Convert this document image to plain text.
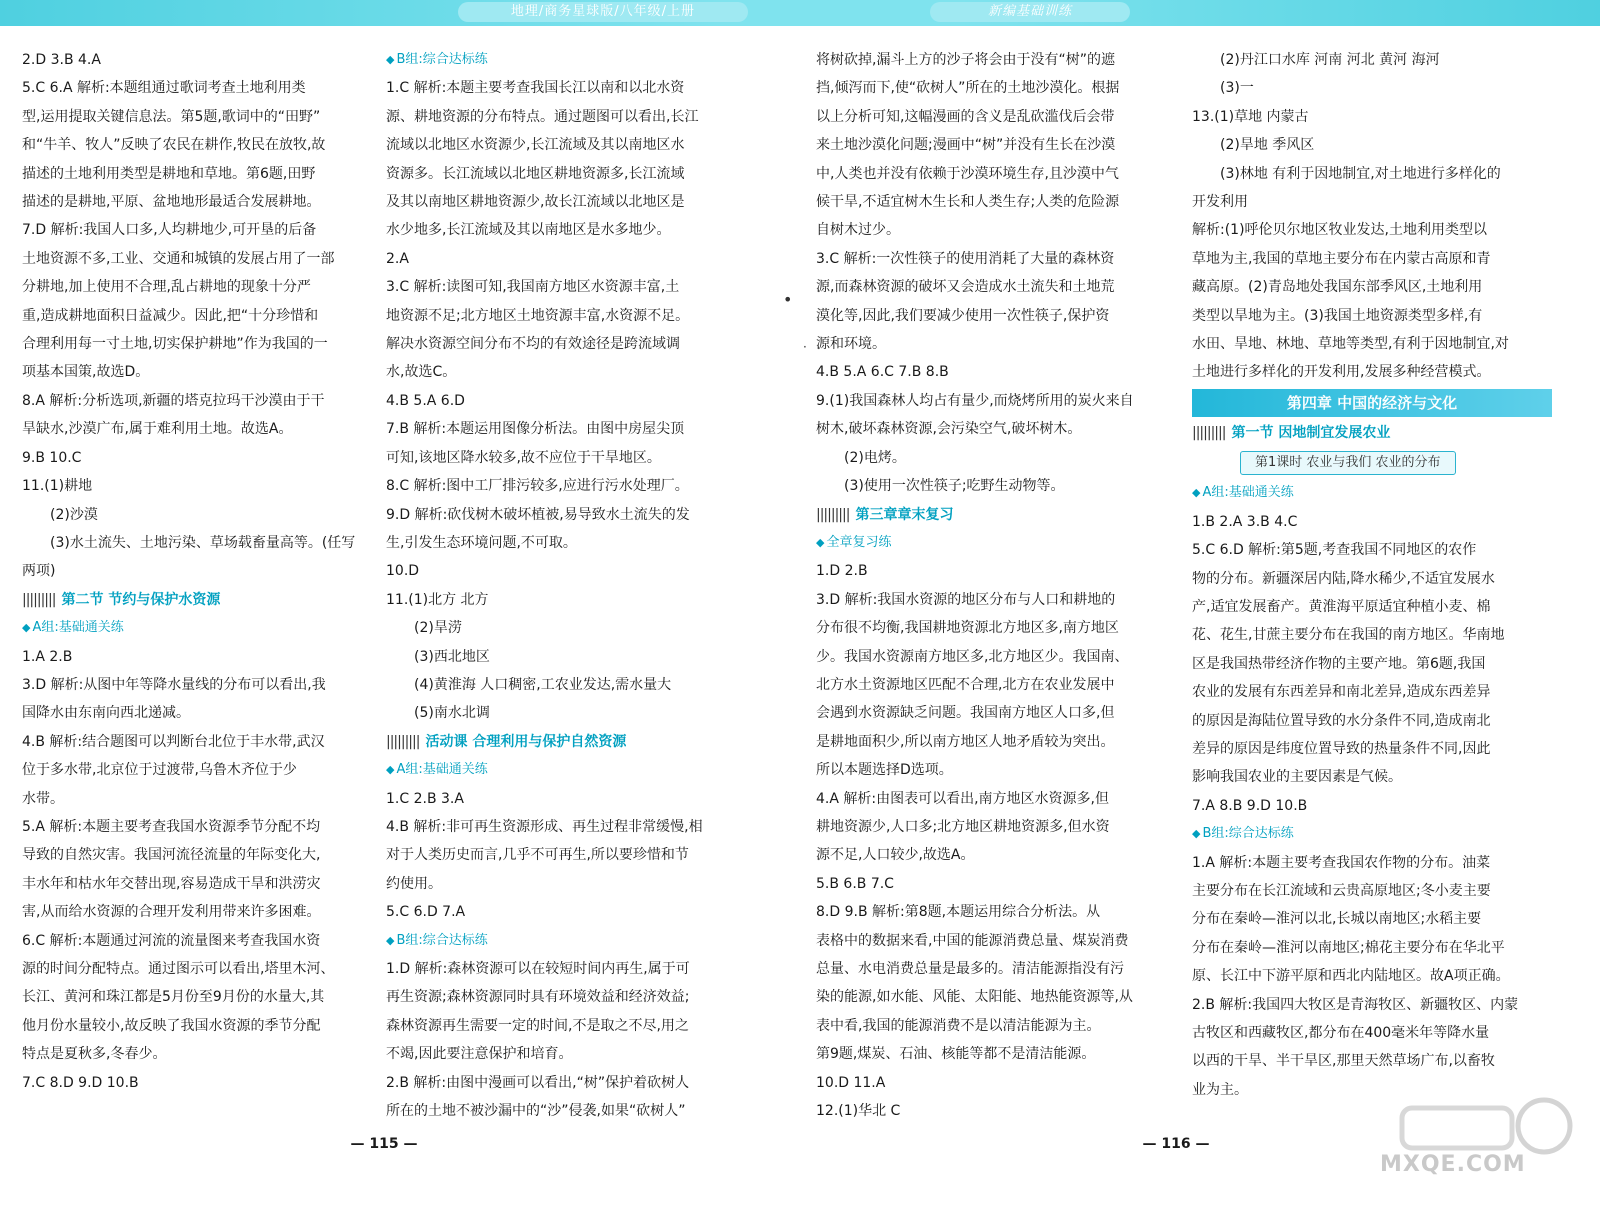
地理/商务星球版/八年级/上册	新编基础训练
2.D 3.B 4.A
5.C 6.A 解析:本题组通过歌词考查土地利用类
型,运用提取关键信息法。第5题,歌词中的“田野”
和“牛羊、牧人”反映了农民在耕作,牧民在放牧,故
描述的土地利用类型是耕地和草地。第6题,田野
描述的是耕地,平原、盆地地形最适合发展耕地。
7.D 解析:我国人口多,人均耕地少,可开垦的后备
土地资源不多,工业、交通和城镇的发展占用了一部
分耕地,加上使用不合理,乱占耕地的现象十分严
重,造成耕地面积日益减少。因此,把“十分珍惜和
合理利用每一寸土地,切实保护耕地”作为我国的一
项基本国策,故选D。
8.A 解析:分析选项,新疆的塔克拉玛干沙漠由于干
旱缺水,沙漠广布,属于难利用土地。故选A。
9.B 10.C
11.(1)耕地
(2)沙漠
(3)水土流失、土地污染、草场载畜量高等。(任写
两项)
||||||||| 第二节 节约与保护水资源
◆ A组:基础通关练
1.A 2.B
3.D 解析:从图中年等降水量线的分布可以看出,我
国降水由东南向西北递减。
4.B 解析:结合题图可以判断台北位于丰水带,武汉
位于多水带,北京位于过渡带,乌鲁木齐位于少
水带。
5.A 解析:本题主要考查我国水资源季节分配不均
导致的自然灾害。我国河流径流量的年际变化大,
丰水年和枯水年交替出现,容易造成干旱和洪涝灾
害,从而给水资源的合理开发利用带来许多困难。
6.C 解析:本题通过河流的流量图来考查我国水资
源的时间分配特点。通过图示可以看出,塔里木河、
长江、黄河和珠江都是5月份至9月份的水量大,其
他月份水量较小,故反映了我国水资源的季节分配
特点是夏秋多,冬春少。
7.C 8.D 9.D 10.B
◆ B组:综合达标练
1.C 解析:本题主要考查我国长江以南和以北水资
源、耕地资源的分布特点。通过题图可以看出,长江
流域以北地区水资源少,长江流域及其以南地区水
资源多。长江流域以北地区耕地资源多,长江流域
及其以南地区耕地资源少,故长江流域以北地区是
水少地多,长江流域及其以南地区是水多地少。
2.A
3.C 解析:读图可知,我国南方地区水资源丰富,土
地资源不足;北方地区土地资源丰富,水资源不足。
解决水资源空间分布不均的有效途径是跨流域调
水,故选C。
4.B 5.A 6.D
7.B 解析:本题运用图像分析法。由图中房屋尖顶
可知,该地区降水较多,故不应位于干旱地区。
8.C 解析:图中工厂排污较多,应进行污水处理厂。
9.D 解析:砍伐树木破坏植被,易导致水土流失的发
生,引发生态环境问题,不可取。
10.D
11.(1)北方 北方
(2)旱涝
(3)西北地区
(4)黄淮海 人口稠密,工农业发达,需水量大
(5)南水北调
||||||||| 活动课 合理利用与保护自然资源
◆ A组:基础通关练
1.C 2.B 3.A
4.B 解析:非可再生资源形成、再生过程非常缓慢,相
对于人类历史而言,几乎不可再生,所以要珍惜和节
约使用。
5.C 6.D 7.A
◆ B组:综合达标练
1.D 解析:森林资源可以在较短时间内再生,属于可
再生资源;森林资源同时具有环境效益和经济效益;
森林资源再生需要一定的时间,不是取之不尽,用之
不竭,因此要注意保护和培育。
2.B 解析:由图中漫画可以看出,“树”保护着砍树人
所在的土地不被沙漏中的“沙”侵袭,如果“砍树人”
将树砍掉,漏斗上方的沙子将会由于没有“树”的遮
挡,倾泻而下,使“砍树人”所在的土地沙漠化。根据
以上分析可知,这幅漫画的含义是乱砍滥伐后会带
来土地沙漠化问题;漫画中“树”并没有生长在沙漠
中,人类也并没有依赖于沙漠环境生存,且沙漠中气
候干旱,不适宜树木生长和人类生存;人类的危险源
自树木过少。
3.C 解析:一次性筷子的使用消耗了大量的森林资
源,而森林资源的破坏又会造成水土流失和土地荒
漠化等,因此,我们要减少使用一次性筷子,保护资
源和环境。
4.B 5.A 6.C 7.B 8.B
9.(1)我国森林人均占有量少,而烧烤所用的炭火来自
树木,破坏森林资源,会污染空气,破坏树木。
(2)电烤。
(3)使用一次性筷子;吃野生动物等。
||||||||| 第三章章末复习
◆ 全章复习练
1.D 2.B
3.D 解析:我国水资源的地区分布与人口和耕地的
分布很不均衡,我国耕地资源北方地区多,南方地区
少。我国水资源南方地区多,北方地区少。我国南、
北方水土资源地区匹配不合理,北方在农业发展中
会遇到水资源缺乏问题。我国南方地区人口多,但
是耕地面积少,所以南方地区人地矛盾较为突出。
所以本题选择D选项。
4.A 解析:由图表可以看出,南方地区水资源多,但
耕地资源少,人口多;北方地区耕地资源多,但水资
源不足,人口较少,故选A。
5.B 6.B 7.C
8.D 9.B 解析:第8题,本题运用综合分析法。从
表格中的数据来看,中国的能源消费总量、煤炭消费
总量、水电消费总量是最多的。清洁能源指没有污
染的能源,如水能、风能、太阳能、地热能资源等,从
表中看,我国的能源消费不是以清洁能源为主。
第9题,煤炭、石油、核能等都不是清洁能源。
10.D 11.A
12.(1)华北 C
(2)丹江口水库 河南 河北 黄河 海河
(3)一
13.(1)草地 内蒙古
(2)旱地 季风区
(3)林地 有利于因地制宜,对土地进行多样化的
开发利用
解析:(1)呼伦贝尔地区牧业发达,土地利用类型以
草地为主,我国的草地主要分布在内蒙古高原和青
藏高原。(2)青岛地处我国东部季风区,土地利用
类型以旱地为主。(3)我国土地资源类型多样,有
水田、旱地、林地、草地等类型,有利于因地制宜,对
土地进行多样化的开发利用,发展多种经营模式。
第四章 中国的经济与文化
||||||||| 第一节 因地制宜发展农业
第1课时 农业与我们 农业的分布
◆ A组:基础通关练
1.B 2.A 3.B 4.C
5.C 6.D 解析:第5题,考查我国不同地区的农作
物的分布。新疆深居内陆,降水稀少,不适宜发展水
产,适宜发展畜产。黄淮海平原适宜种植小麦、棉
花、花生,甘蔗主要分布在我国的南方地区。华南地
区是我国热带经济作物的主要产地。第6题,我国
农业的发展有东西差异和南北差异,造成东西差异
的原因是海陆位置导致的水分条件不同,造成南北
差异的原因是纬度位置导致的热量条件不同,因此
影响我国农业的主要因素是气候。
7.A 8.B 9.D 10.B
◆ B组:综合达标练
1.A 解析:本题主要考查我国农作物的分布。油菜
主要分布在长江流域和云贵高原地区;冬小麦主要
分布在秦岭—淮河以北,长城以南地区;水稻主要
分布在秦岭—淮河以南地区;棉花主要分布在华北平
原、长江中下游平原和西北内陆地区。故A项正确。
2.B 解析:我国四大牧区是青海牧区、新疆牧区、内蒙
古牧区和西藏牧区,都分布在400毫米年等降水量
以西的干旱、半干旱区,那里天然草场广布,以畜牧
业为主。
•
·
— 115 —	— 116 —
MXQE.COM
